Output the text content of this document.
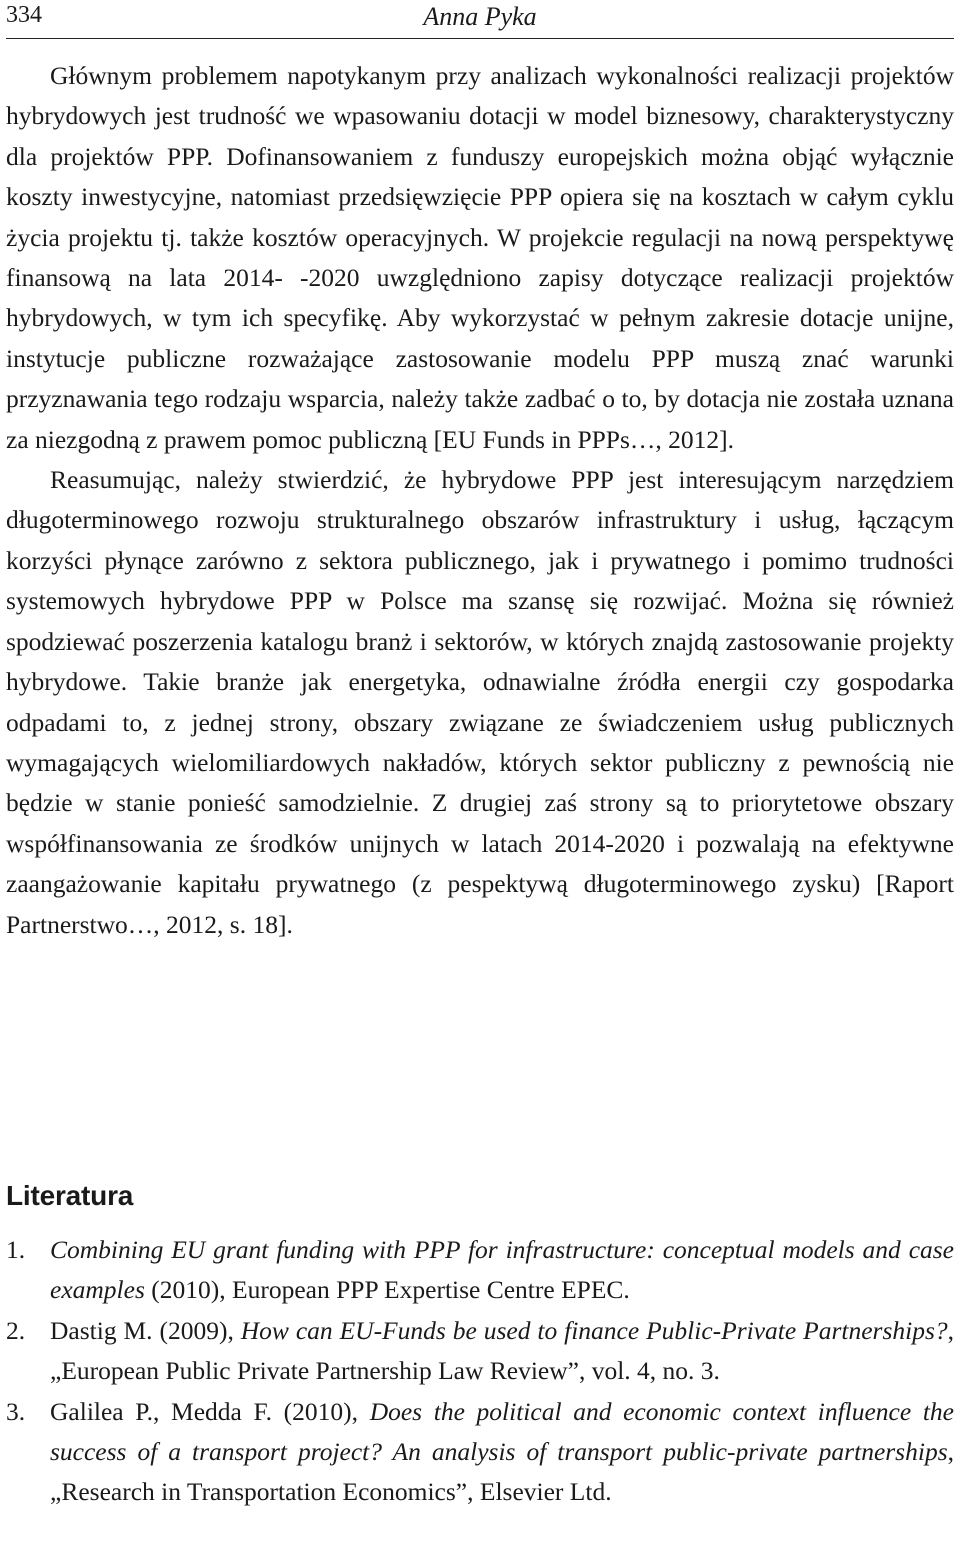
334	Anna Pyka

Głównym problemem napotykanym przy analizach wykonalności realizacji projektów hybrydowych jest trudność we wpasowaniu dotacji w model biznesowy, charakterystyczny dla projektów PPP. Dofinansowaniem z funduszy europejskich można objąć wyłącznie koszty inwestycyjne, natomiast przedsięwzięcie PPP opiera się na kosztach w całym cyklu życia projektu tj. także kosztów operacyjnych. W projekcie regulacji na nową perspektywę finansową na lata 2014- -2020 uwzględniono zapisy dotyczące realizacji projektów hybrydowych, w tym ich specyfikę. Aby wykorzystać w pełnym zakresie dotacje unijne, instytucje publiczne rozważające zastosowanie modelu PPP muszą znać warunki przyznawania tego rodzaju wsparcia, należy także zadbać o to, by dotacja nie została uznana za niezgodną z prawem pomoc publiczną [EU Funds in PPPs…, 2012].

Reasumując, należy stwierdzić, że hybrydowe PPP jest interesującym narzędziem długoterminowego rozwoju strukturalnego obszarów infrastruktury i usług, łączącym korzyści płynące zarówno z sektora publicznego, jak i prywatnego i pomimo trudności systemowych hybrydowe PPP w Polsce ma szansę się rozwijać. Można się również spodziewać poszerzenia katalogu branż i sektorów, w których znajdą zastosowanie projekty hybrydowe. Takie branże jak energetyka, odnawialne źródła energii czy gospodarka odpadami to, z jednej strony, obszary związane ze świadczeniem usług publicznych wymagających wielomiliardowych nakładów, których sektor publiczny z pewnością nie będzie w stanie ponieść samodzielnie. Z drugiej zaś strony są to priorytetowe obszary współfinansowania ze środków unijnych w latach 2014-2020 i pozwalają na efektywne zaangażowanie kapitału prywatnego (z pespektywą długoterminowego zysku) [Raport Partnerstwo…, 2012, s. 18].

Literatura
1. Combining EU grant funding with PPP for infrastructure: conceptual models and case examples (2010), European PPP Expertise Centre EPEC.
2. Dastig M. (2009), How can EU-Funds be used to finance Public-Private Partnerships?, „European Public Private Partnership Law Review”, vol. 4, no. 3.
3. Galilea P., Medda F. (2010), Does the political and economic context influence the success of a transport project? An analysis of transport public-private partnerships, „Research in Transportation Economics”, Elsevier Ltd.
